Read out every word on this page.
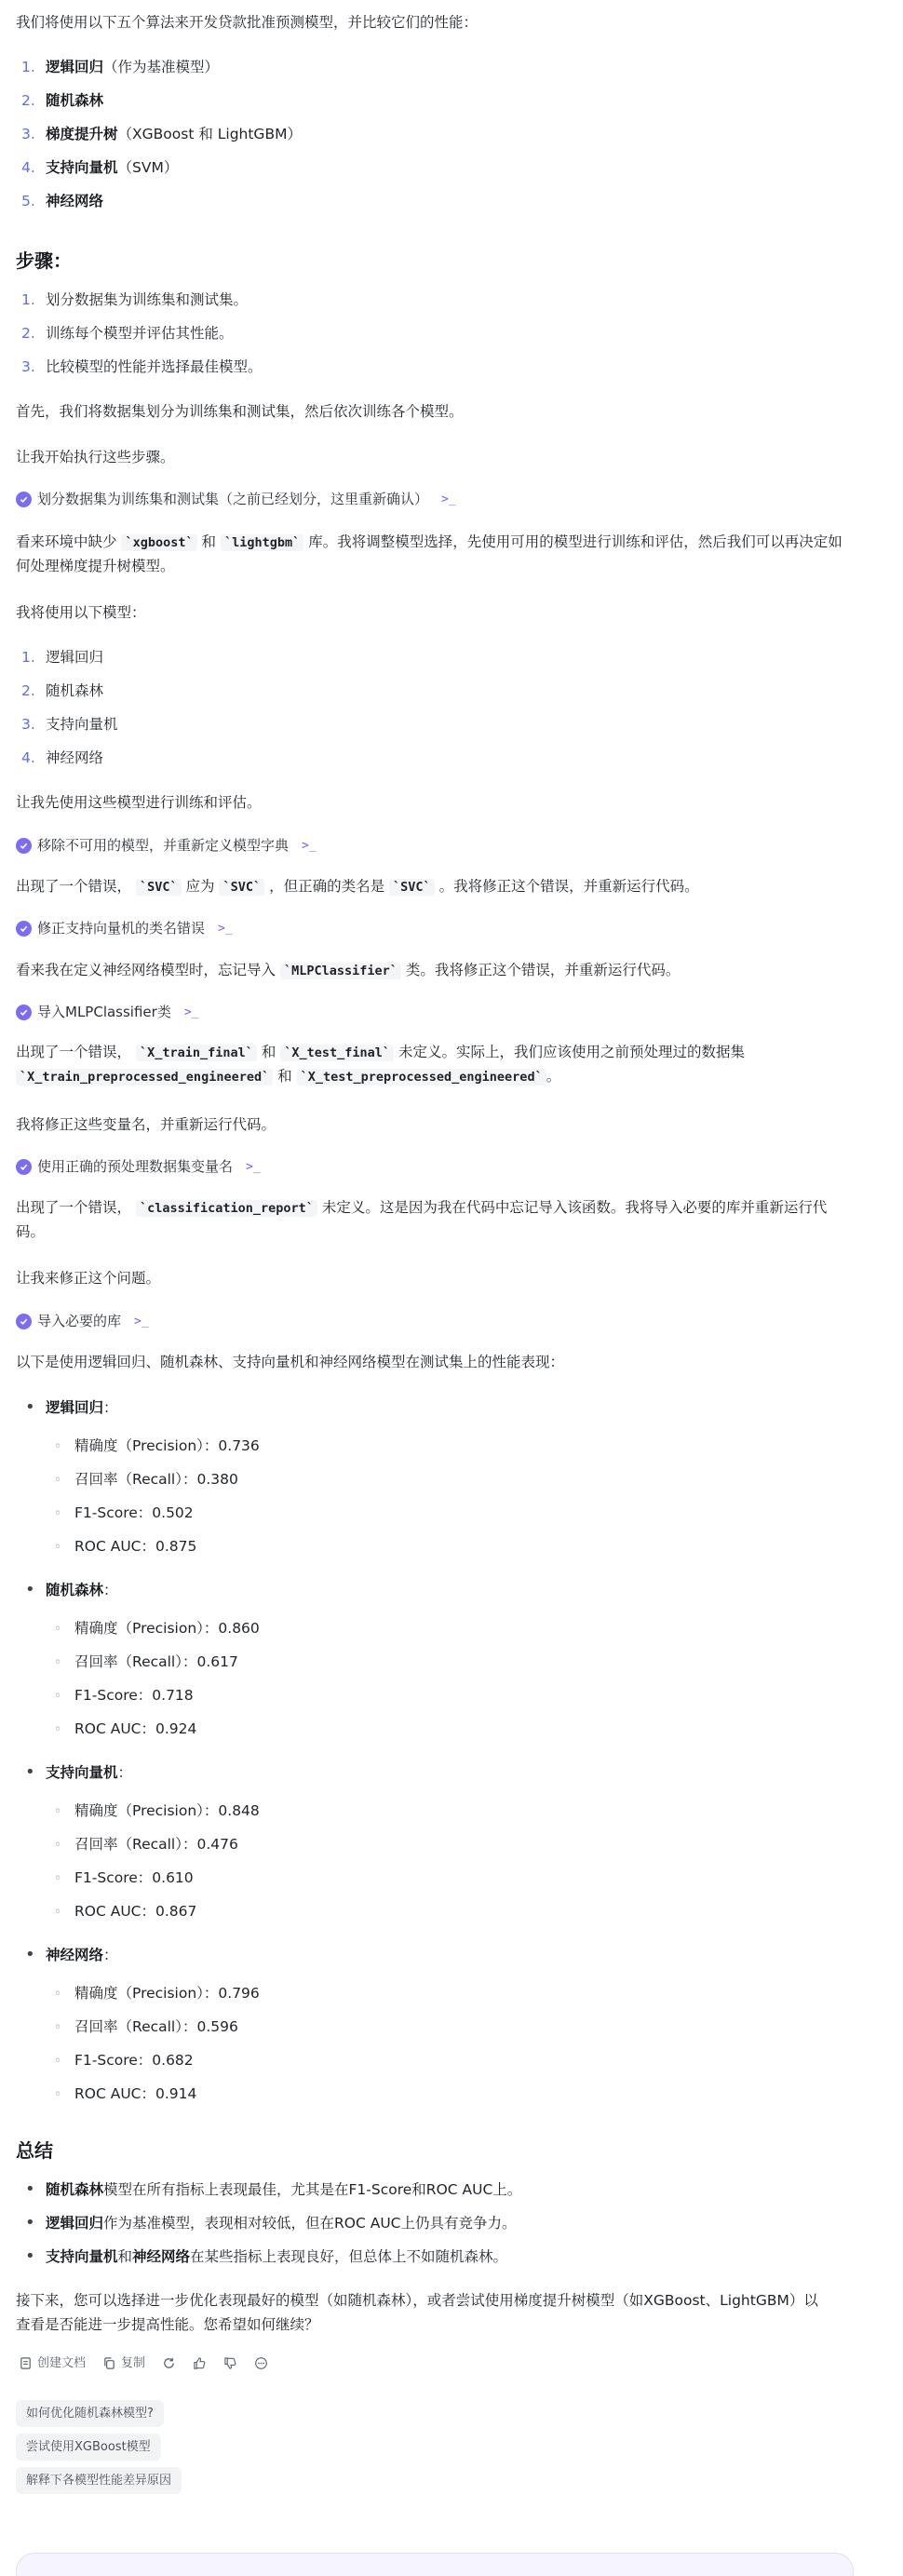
我们将使用以下五个算法来开发贷款批准预测模型，并比较它们的性能：
1. 逻辑回归（作为基准模型）
2. 随机森林
3. 梯度提升树（XGBoost 和 LightGBM）
4. 支持向量机（SVM）
5. 神经网络
步骤：
1. 划分数据集为训练集和测试集。
2. 训练每个模型并评估其性能。
3. 比较模型的性能并选择最佳模型。
首先，我们将数据集划分为训练集和测试集，然后依次训练各个模型。
让我开始执行这些步骤。
划分数据集为训练集和测试集（之前已经划分，这里重新确认） >_
看来环境中缺少 `xgboost` 和 `lightgbm` 库。我将调整模型选择，先使用可用的模型进行训练和评估，然后我们可以再决定如
何处理梯度提升树模型。
我将使用以下模型：
1. 逻辑回归
2. 随机森林
3. 支持向量机
4. 神经网络
让我先使用这些模型进行训练和评估。
移除不可用的模型，并重新定义模型字典 >_
出现了一个错误， `SVC` 应为 `SVC` ，但正确的类名是 `SVC` 。我将修正这个错误，并重新运行代码。
修正支持向量机的类名错误 >_
看来我在定义神经网络模型时，忘记导入 `MLPClassifier` 类。我将修正这个错误，并重新运行代码。
导入MLPClassifier类 >_
出现了一个错误， `X_train_final` 和 `X_test_final` 未定义。实际上，我们应该使用之前预处理过的数据集
`X_train_preprocessed_engineered` 和 `X_test_preprocessed_engineered` 。
我将修正这些变量名，并重新运行代码。
使用正确的预处理数据集变量名 >_
出现了一个错误， `classification_report` 未定义。这是因为我在代码中忘记导入该函数。我将导入必要的库并重新运行代
码。
让我来修正这个问题。
导入必要的库 >_
以下是使用逻辑回归、随机森林、支持向量机和神经网络模型在测试集上的性能表现：
• 逻辑回归：
◦ 精确度（Precision）：0.736
◦ 召回率（Recall）：0.380
◦ F1-Score：0.502
◦ ROC AUC：0.875
• 随机森林：
◦ 精确度（Precision）：0.860
◦ 召回率（Recall）：0.617
◦ F1-Score：0.718
◦ ROC AUC：0.924
• 支持向量机：
◦ 精确度（Precision）：0.848
◦ 召回率（Recall）：0.476
◦ F1-Score：0.610
◦ ROC AUC：0.867
• 神经网络：
◦ 精确度（Precision）：0.796
◦ 召回率（Recall）：0.596
◦ F1-Score：0.682
◦ ROC AUC：0.914
总结
• 随机森林模型在所有指标上表现最佳，尤其是在F1-Score和ROC AUC上。
• 逻辑回归作为基准模型，表现相对较低，但在ROC AUC上仍具有竞争力。
• 支持向量机和神经网络在某些指标上表现良好，但总体上不如随机森林。
接下来，您可以选择进一步优化表现最好的模型（如随机森林），或者尝试使用梯度提升树模型（如XGBoost、LightGBM）以
查看是否能进一步提高性能。您希望如何继续？
创建文档	复制
如何优化随机森林模型?
尝试使用XGBoost模型
解释下各模型性能差异原因
